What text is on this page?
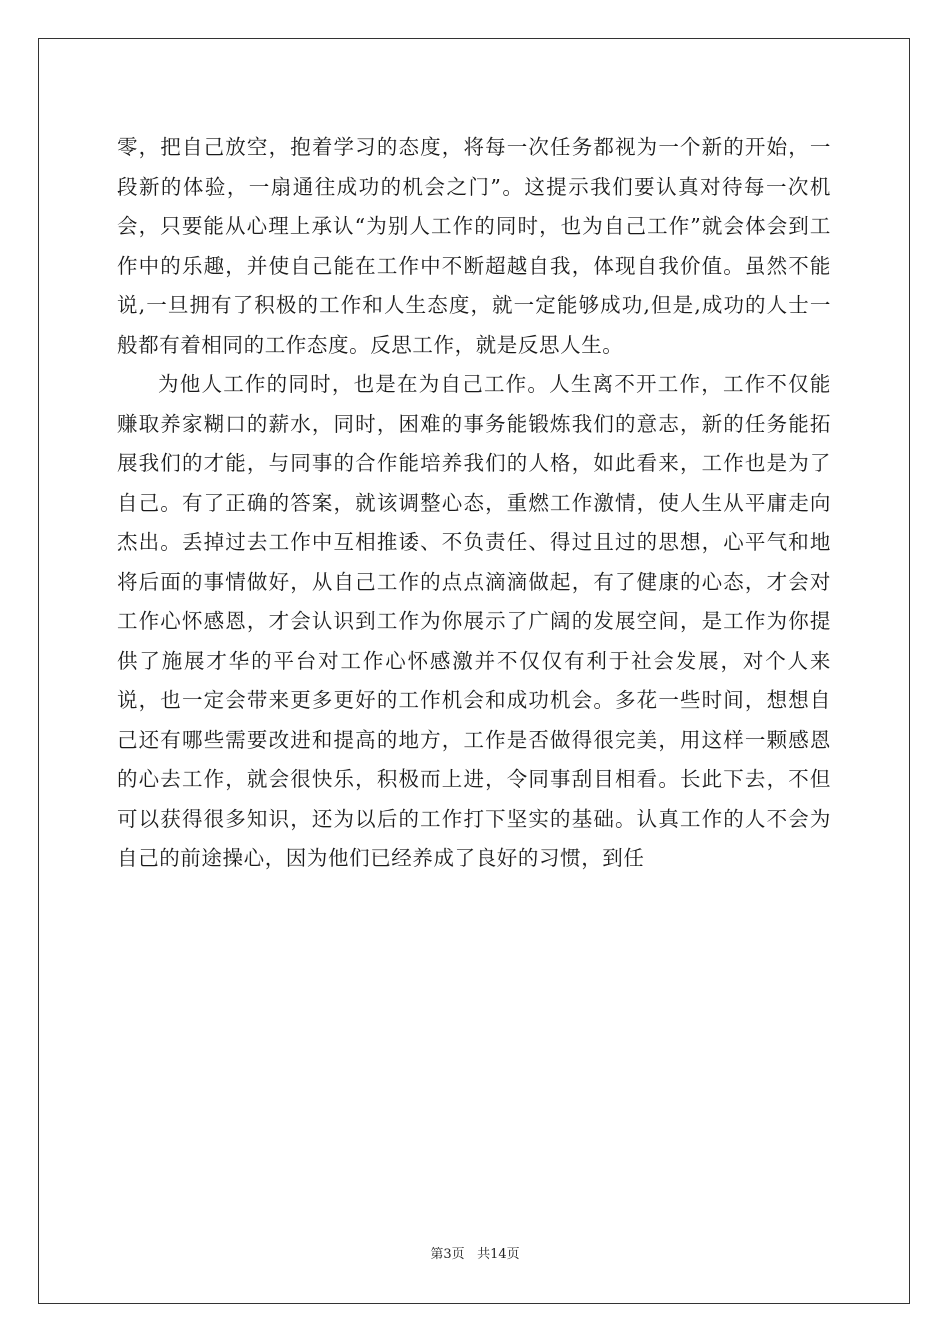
零，把自己放空，抱着学习的态度，将每一次任务都视为一个新的开始，一段新的体验，一扇通往成功的机会之门”。这提示我们要认真对待每一次机会，只要能从心理上承认“为别人工作的同时，也为自己工作”就会体会到工作中的乐趣，并使自己能在工作中不断超越自我，体现自我价值。虽然不能说,一旦拥有了积极的工作和人生态度，就一定能够成功,但是,成功的人士一般都有着相同的工作态度。反思工作，就是反思人生。

为他人工作的同时，也是在为自己工作。人生离不开工作，工作不仅能赚取养家糊口的薪水，同时，困难的事务能锻炼我们的意志，新的任务能拓展我们的才能，与同事的合作能培养我们的人格，如此看来，工作也是为了自己。有了正确的答案，就该调整心态，重燃工作激情，使人生从平庸走向杰出。丢掉过去工作中互相推诿、不负责任、得过且过的思想，心平气和地将后面的事情做好，从自己工作的点点滴滴做起，有了健康的心态，才会对工作心怀感恩，才会认识到工作为你展示了广阔的发展空间，是工作为你提供了施展才华的平台对工作心怀感激并不仅仅有利于社会发展，对个人来说，也一定会带来更多更好的工作机会和成功机会。多花一些时间，想想自己还有哪些需要改进和提高的地方，工作是否做得很完美，用这样一颗感恩的心去工作，就会很快乐，积极而上进，令同事刮目相看。长此下去，不但可以获得很多知识，还为以后的工作打下坚实的基础。认真工作的人不会为自己的前途操心，因为他们已经养成了良好的习惯，到任

第3页 共14页
